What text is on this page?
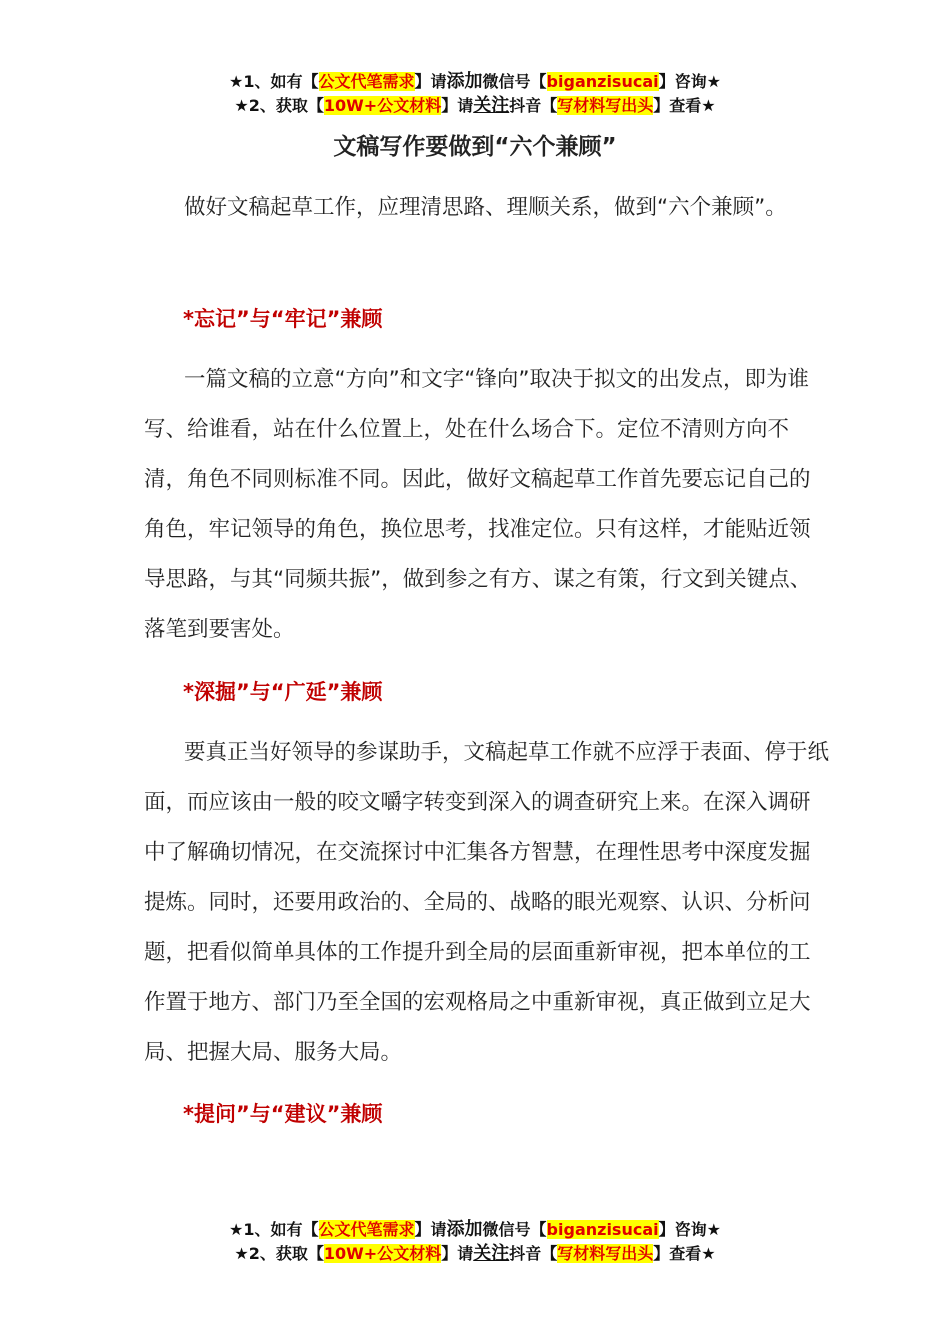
★1、如有【公文代笔需求】请添加微信号【biganzisucai】咨询★
★2、获取【10W+公文材料】请关注抖音【写材料写出头】查看★
文稿写作要做到“六个兼顾”

做好文稿起草工作，应理清思路、理顺关系，做到“六个兼顾”。

*忘记”与“牢记”兼顾

一篇文稿的立意“方向”和文字“锋向”取决于拟文的出发点，即为谁写、给谁看，站在什么位置上，处在什么场合下。定位不清则方向不清，角色不同则标准不同。因此，做好文稿起草工作首先要忘记自己的角色，牢记领导的角色，换位思考，找准定位。只有这样，才能贴近领导思路，与其“同频共振”，做到参之有方、谋之有策，行文到关键点、落笔到要害处。

*深掘”与“广延”兼顾

要真正当好领导的参谋助手，文稿起草工作就不应浮于表面、停于纸面，而应该由一般的咬文嚼字转变到深入的调查研究上来。在深入调研中了解确切情况，在交流探讨中汇集各方智慧，在理性思考中深度发掘提炼。同时，还要用政治的、全局的、战略的眼光观察、认识、分析问题，把看似简单具体的工作提升到全局的层面重新审视，把本单位的工作置于地方、部门乃至全国的宏观格局之中重新审视，真正做到立足大局、把握大局、服务大局。

*提问”与“建议”兼顾

★1、如有【公文代笔需求】请添加微信号【biganzisucai】咨询★
★2、获取【10W+公文材料】请关注抖音【写材料写出头】查看★
